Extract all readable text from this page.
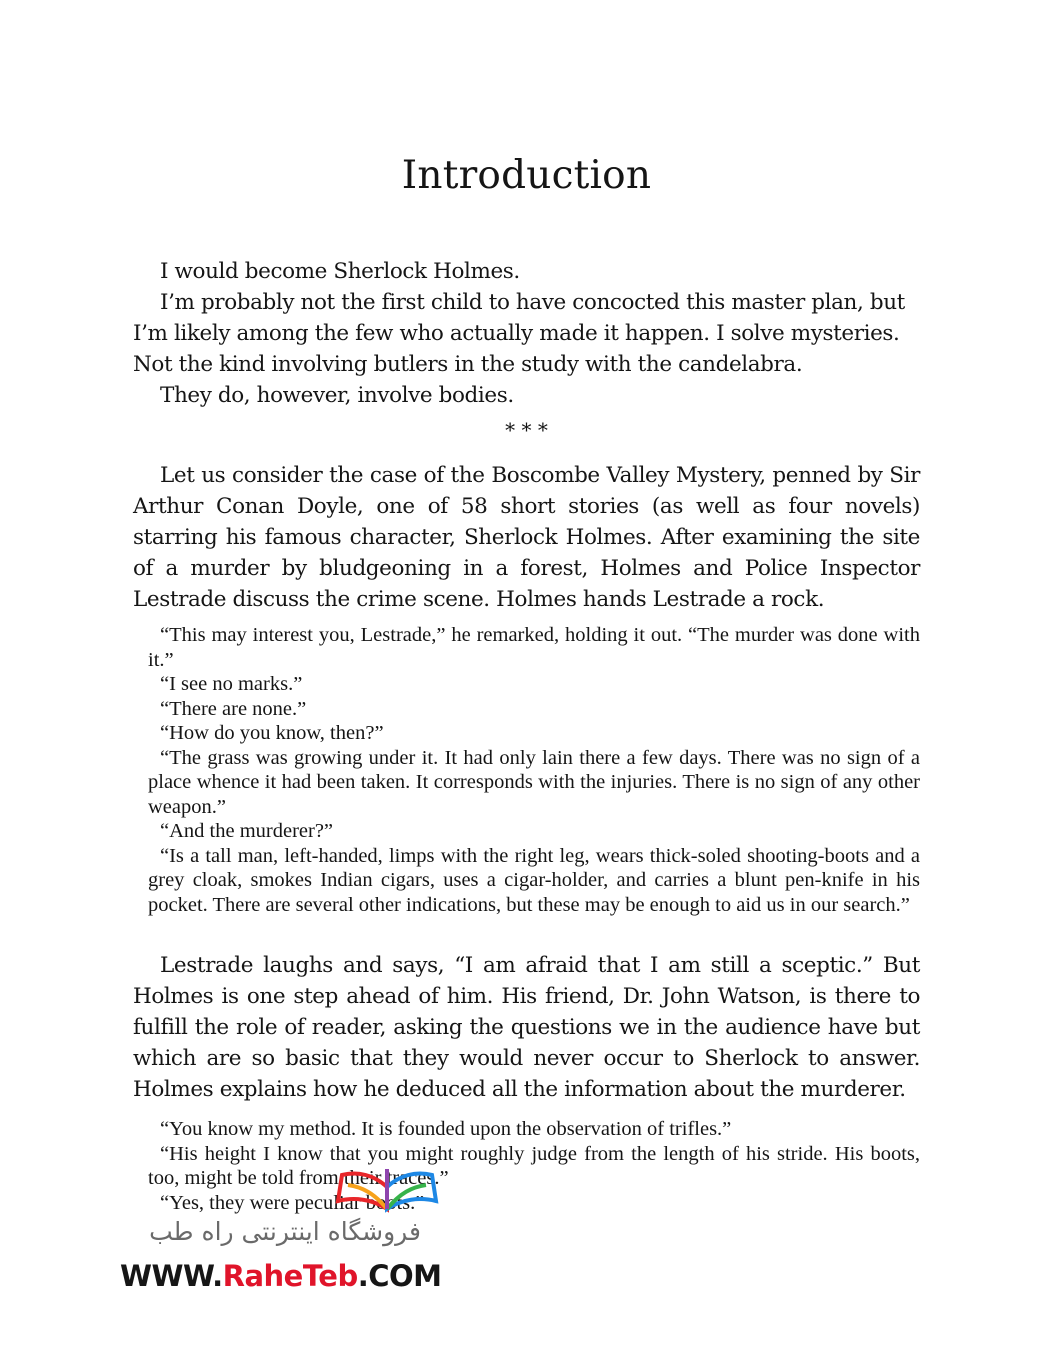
Introduction

I would become Sherlock Holmes.

I’m probably not the first child to have concocted this master plan, but I’m likely among the few who actually made it happen. I solve mysteries. Not the kind involving butlers in the study with the candelabra.

They do, however, involve bodies.

* * *

Let us consider the case of the Boscombe Valley Mystery, penned by Sir Arthur Conan Doyle, one of 58 short stories (as well as four novels) starring his famous character, Sherlock Holmes. After examining the site of a murder by bludgeoning in a forest, Holmes and Police Inspector Lestrade discuss the crime scene. Holmes hands Lestrade a rock.

“This may interest you, Lestrade,” he remarked, holding it out. “The murder was done with it.”

“I see no marks.”

“There are none.”

“How do you know, then?”

“The grass was growing under it. It had only lain there a few days. There was no sign of a place whence it had been taken. It corresponds with the injuries. There is no sign of any other weapon.”

“And the murderer?”

“Is a tall man, left-handed, limps with the right leg, wears thick-soled shooting-boots and a grey cloak, smokes Indian cigars, uses a cigar-holder, and carries a blunt pen-knife in his pocket. There are several other indications, but these may be enough to aid us in our search.”

Lestrade laughs and says, “I am afraid that I am still a sceptic.” But Holmes is one step ahead of him. His friend, Dr. John Watson, is there to fulfill the role of reader, asking the questions we in the audience have but which are so basic that they would never occur to Sherlock to answer. Holmes explains how he deduced all the information about the murderer.

“You know my method. It is founded upon the observation of trifles.”

“His height I know that you might roughly judge from the length of his stride. His boots, too, might be told from their traces.”

“Yes, they were peculiar boots.”

فروشگاه اینترنتی راه طب
WWW.RaheTeb.COM
